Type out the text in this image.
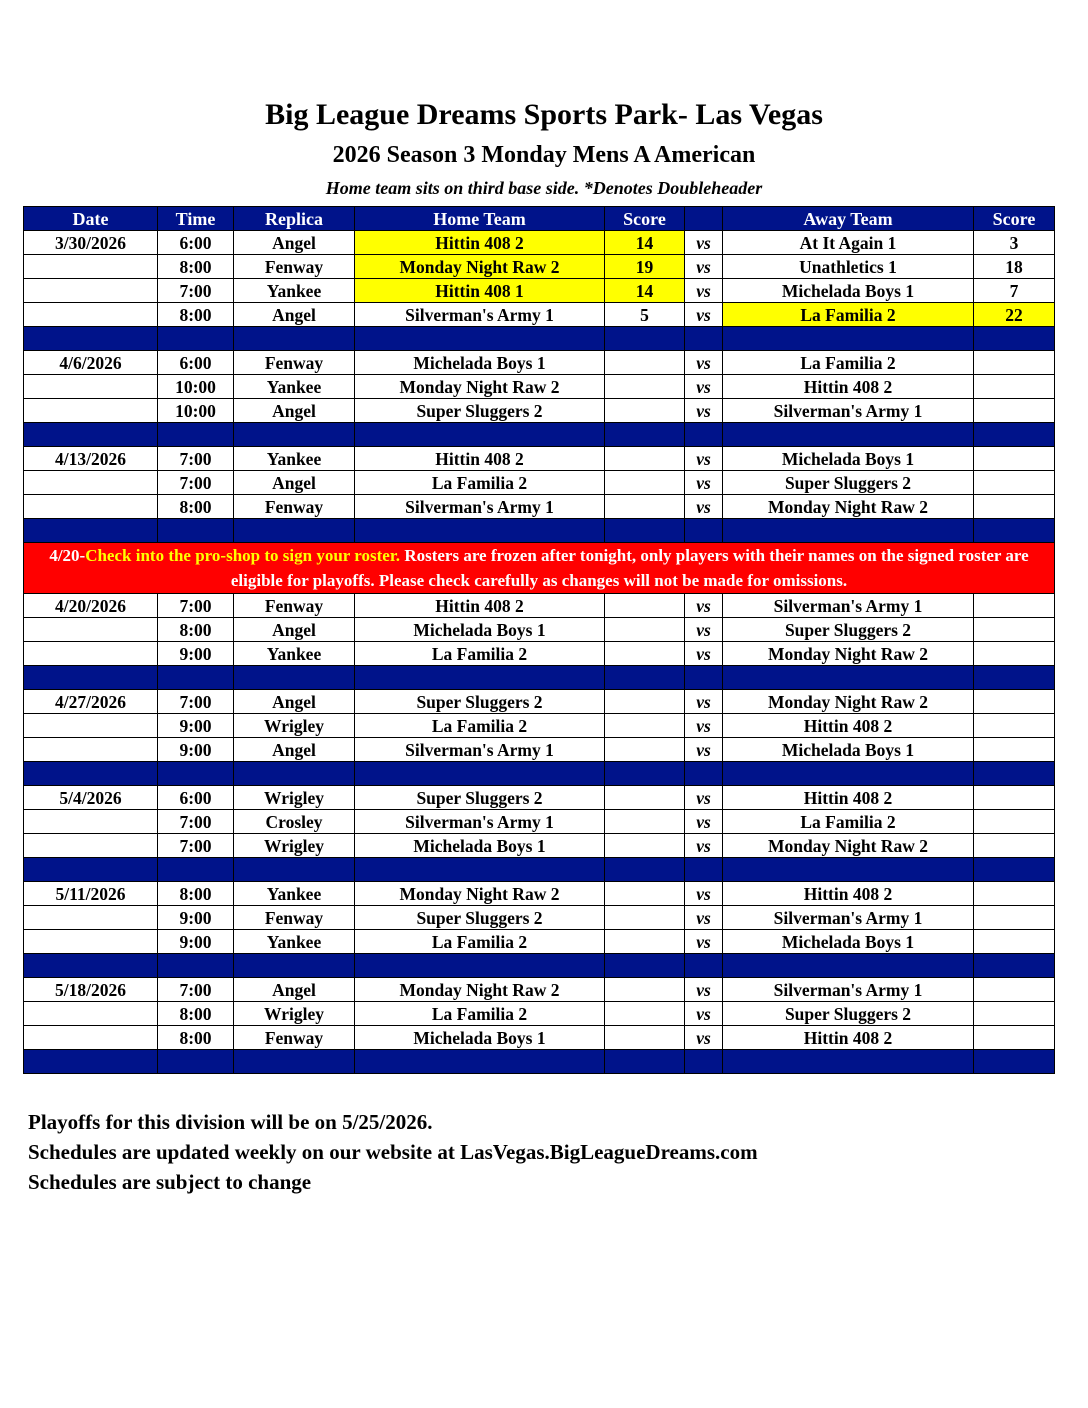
Big League Dreams Sports Park- Las Vegas
2026 Season 3 Monday Mens A American
Home team sits on third base side. *Denotes Doubleheader
Date	Time	Replica	Home Team	Score		Away Team	Score
3/30/2026	6:00	Angel	Hittin 408 2	14	vs	At It Again 1	3
	8:00	Fenway	Monday Night Raw 2	19	vs	Unathletics 1	18
	7:00	Yankee	Hittin 408 1	14	vs	Michelada Boys 1	7
	8:00	Angel	Silverman's Army 1	5	vs	La Familia 2	22

4/6/2026	6:00	Fenway	Michelada Boys 1		vs	La Familia 2	
	10:00	Yankee	Monday Night Raw 2		vs	Hittin 408 2	
	10:00	Angel	Super Sluggers 2		vs	Silverman's Army 1	

4/13/2026	7:00	Yankee	Hittin 408 2		vs	Michelada Boys 1	
	7:00	Angel	La Familia 2		vs	Super Sluggers 2	
	8:00	Fenway	Silverman's Army 1		vs	Monday Night Raw 2	

4/20-Check into the pro-shop to sign your roster. Rosters are frozen after tonight, only players with their names on the signed roster are eligible for playoffs. Please check carefully as changes will not be made for omissions.							
4/20/2026	7:00	Fenway	Hittin 408 2		vs	Silverman's Army 1	
	8:00	Angel	Michelada Boys 1		vs	Super Sluggers 2	
	9:00	Yankee	La Familia 2		vs	Monday Night Raw 2	

4/27/2026	7:00	Angel	Super Sluggers 2		vs	Monday Night Raw 2	
	9:00	Wrigley	La Familia 2		vs	Hittin 408 2	
	9:00	Angel	Silverman's Army 1		vs	Michelada Boys 1	

5/4/2026	6:00	Wrigley	Super Sluggers 2		vs	Hittin 408 2	
	7:00	Crosley	Silverman's Army 1		vs	La Familia 2	
	7:00	Wrigley	Michelada Boys 1		vs	Monday Night Raw 2	

5/11/2026	8:00	Yankee	Monday Night Raw 2		vs	Hittin 408 2	
	9:00	Fenway	Super Sluggers 2		vs	Silverman's Army 1	
	9:00	Yankee	La Familia 2		vs	Michelada Boys 1	

5/18/2026	7:00	Angel	Monday Night Raw 2		vs	Silverman's Army 1	
	8:00	Wrigley	La Familia 2		vs	Super Sluggers 2	
	8:00	Fenway	Michelada Boys 1		vs	Hittin 408 2	

Playoffs for this division will be on 5/25/2026.
Schedules are updated weekly on our website at LasVegas.BigLeagueDreams.com
Schedules are subject to change
